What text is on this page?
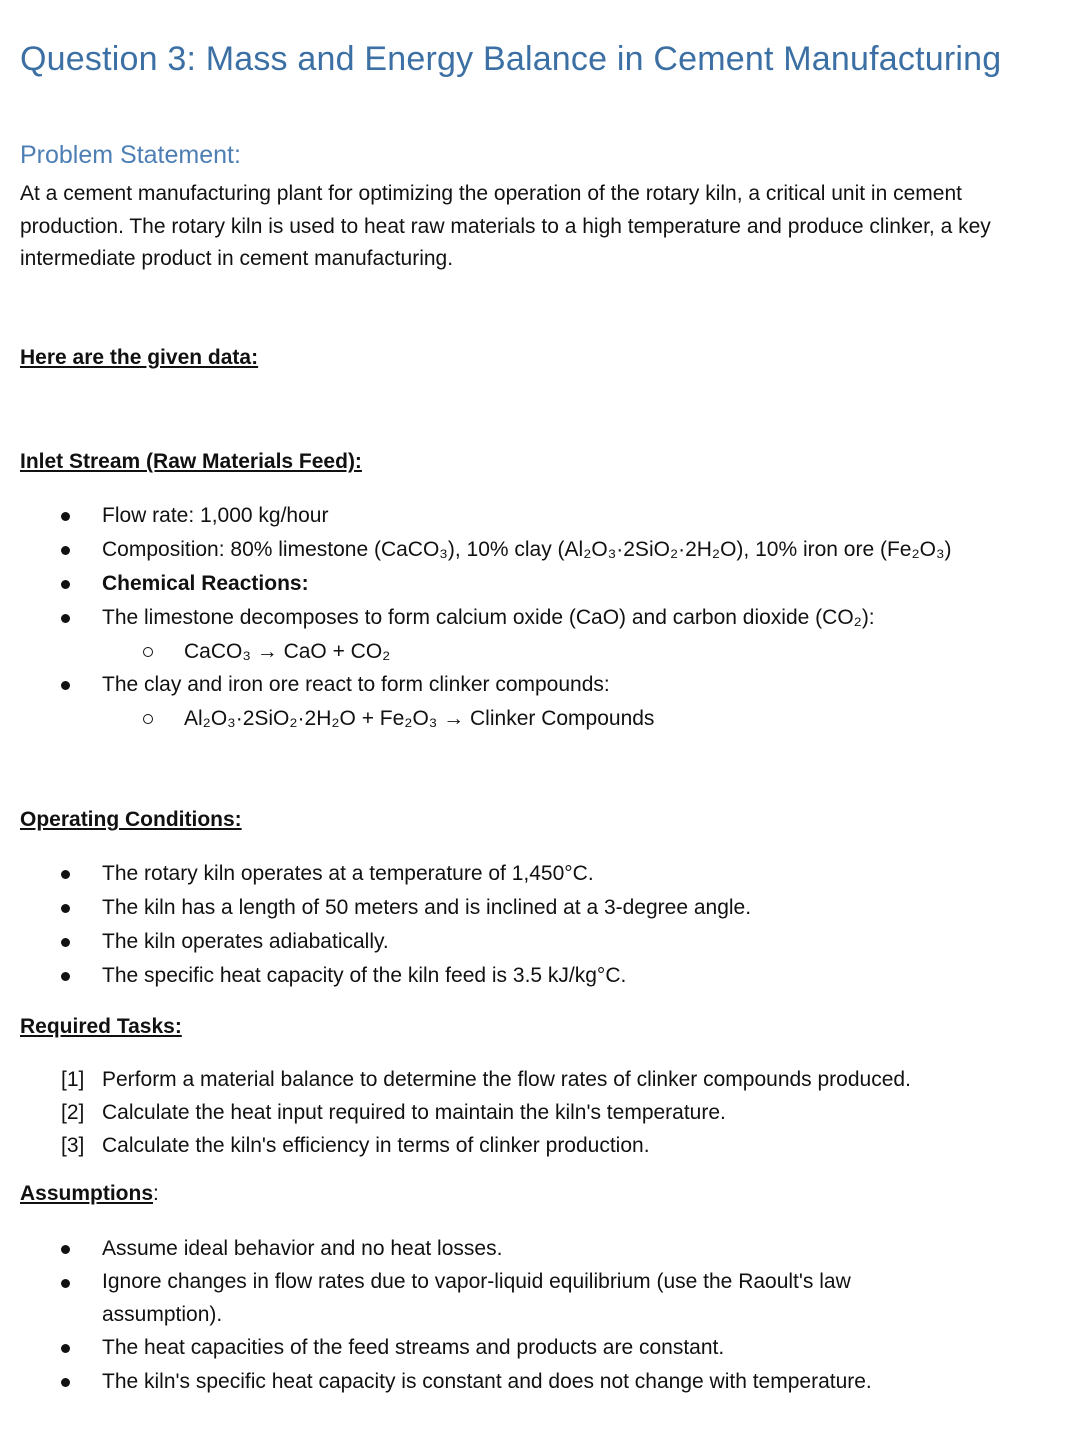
Question 3: Mass and Energy Balance in Cement Manufacturing
Problem Statement:
At a cement manufacturing plant for optimizing the operation of the rotary kiln, a critical unit in cement production. The rotary kiln is used to heat raw materials to a high temperature and produce clinker, a key intermediate product in cement manufacturing.
Here are the given data:
Inlet Stream (Raw Materials Feed):
Flow rate: 1,000 kg/hour
Composition: 80% limestone (CaCO₃), 10% clay (Al₂O₃·2SiO₂·2H₂O), 10% iron ore (Fe₂O₃)
Chemical Reactions:
The limestone decomposes to form calcium oxide (CaO) and carbon dioxide (CO₂):
CaCO₃ → CaO + CO₂
The clay and iron ore react to form clinker compounds:
Al₂O₃·2SiO₂·2H₂O + Fe₂O₃ → Clinker Compounds
Operating Conditions:
The rotary kiln operates at a temperature of 1,450°C.
The kiln has a length of 50 meters and is inclined at a 3-degree angle.
The kiln operates adiabatically.
The specific heat capacity of the kiln feed is 3.5 kJ/kg°C.
Required Tasks:
[1] Perform a material balance to determine the flow rates of clinker compounds produced.
[2] Calculate the heat input required to maintain the kiln's temperature.
[3] Calculate the kiln's efficiency in terms of clinker production.
Assumptions:
Assume ideal behavior and no heat losses.
Ignore changes in flow rates due to vapor-liquid equilibrium (use the Raoult's law assumption).
The heat capacities of the feed streams and products are constant.
The kiln's specific heat capacity is constant and does not change with temperature.
